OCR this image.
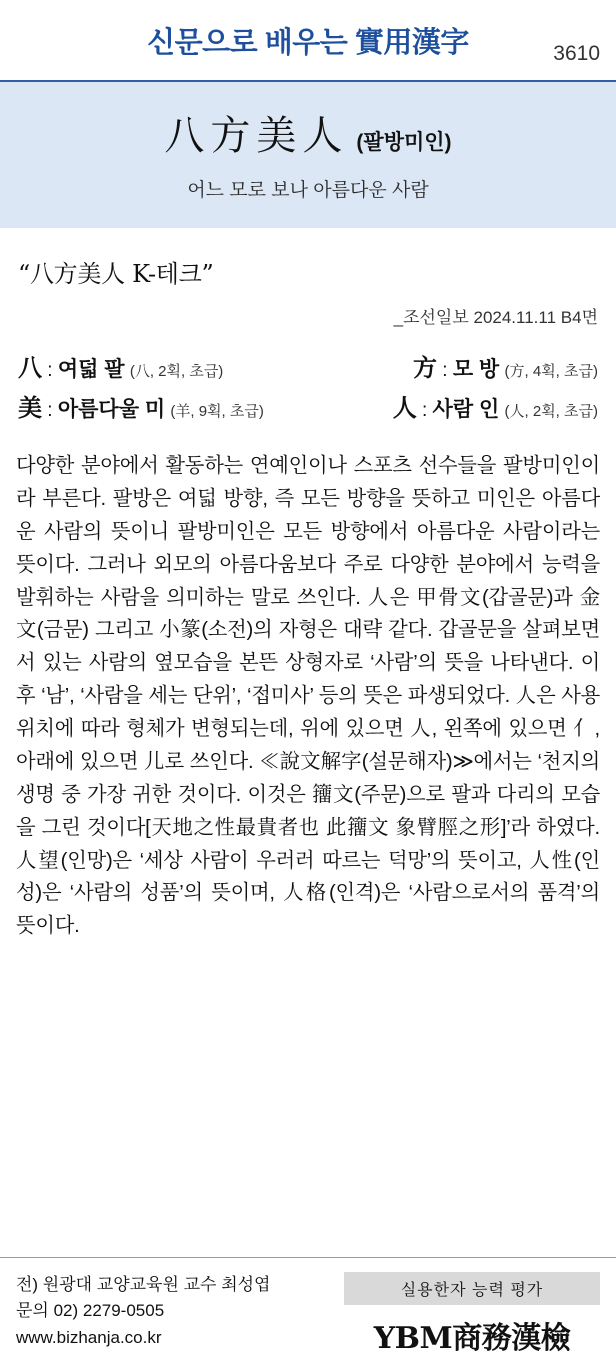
신문으로 배우는 實用漢字	3610
八方美人 (팔방미인)
어느 모로 보나 아름다운 사람
“八方美人 K-테크”
_조선일보 2024.11.11 B4면
八 : 여덟 팔 (八, 2획, 초급)	方 : 모 방 (方, 4획, 초급)
美 : 아름다울 미 (羊, 9획, 초급)	人 : 사람 인 (人, 2획, 초급)
다양한 분야에서 활동하는 연예인이나 스포츠 선수들을 팔방미인이라 부른다. 팔방은 여덟 방향, 즉 모든 방향을 뜻하고 미인은 아름다운 사람의 뜻이니 팔방미인은 모든 방향에서 아름다운 사람이라는 뜻이다. 그러나 외모의 아름다움보다 주로 다양한 분야에서 능력을 발휘하는 사람을 의미하는 말로 쓰인다. 人은 甲骨文(갑골문)과 金文(금문) 그리고 小篆(소전)의 자형은 대략 같다. 갑골문을 살펴보면 서 있는 사람의 옆모습을 본뜬 상형자로 ‘사람’의 뜻을 나타낸다. 이후 ‘남’, ‘사람을 세는 단위’, ‘접미사’ 등의 뜻은 파생되었다. 人은 사용 위치에 따라 형체가 변형되는데, 위에 있으면 人, 왼쪽에 있으면 亻, 아래에 있으면 儿로 쓰인다. ≪說文解字(설문해자)≫에서는 ‘천지의 생명 중 가장 귀한 것이다. 이것은 籒文(주문)으로 팔과 다리의 모습을 그린 것이다[天地之性最貴者也 此籒文 象臂脛之形]’라 하였다. 人望(인망)은 ‘세상 사람이 우러러 따르는 덕망’의 뜻이고, 人性(인성)은 ‘사람의 성품’의 뜻이며, 人格(인격)은 ‘사람으로서의 품격’의 뜻이다.
전) 원광대 교양교육원 교수 최성엽
문의 02) 2279-0505
www.bizhanja.co.kr
실용한자 능력 평가
YBM商務漢檢
